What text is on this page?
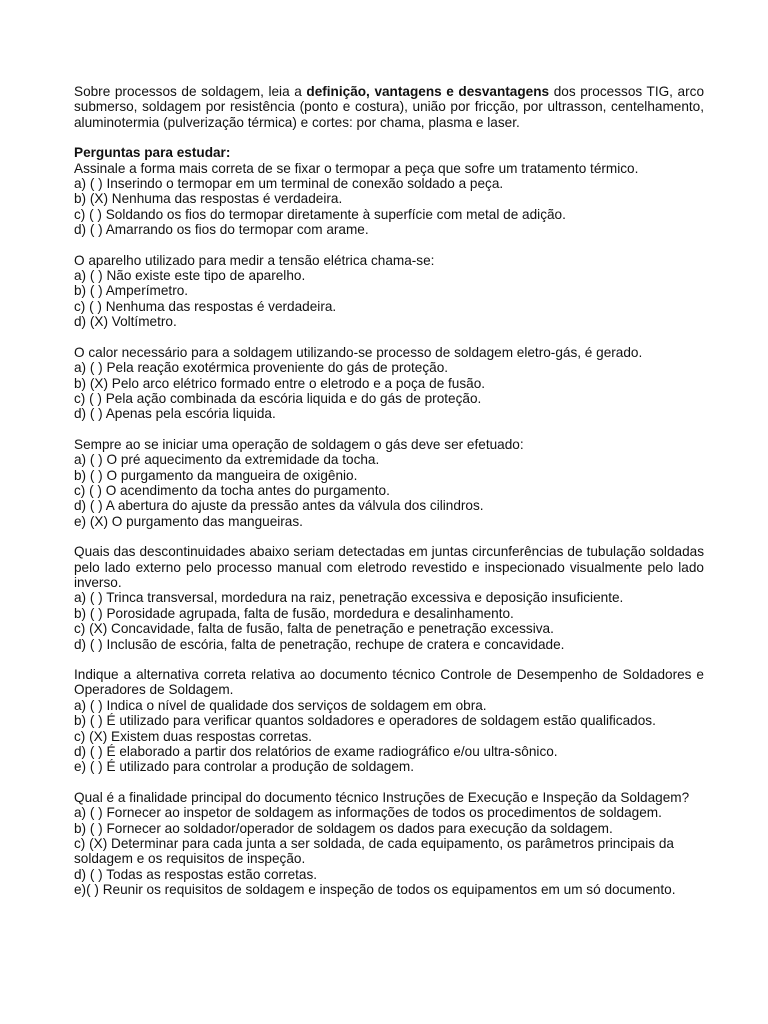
Sobre processos de soldagem, leia a definição, vantagens e desvantagens dos processos TIG, arco submerso, soldagem por resistência (ponto e costura), união por fricção, por ultrasson, centelhamento, aluminotermia (pulverização térmica) e cortes: por chama, plasma e laser.

Perguntas para estudar:
Assinale a forma mais correta de se fixar o termopar a peça que sofre um tratamento térmico.
a) ( ) Inserindo o termopar em um terminal de conexão soldado a peça.
b) (X) Nenhuma das respostas é verdadeira.
c) ( ) Soldando os fios do termopar diretamente à superfície com metal de adição.
d) ( ) Amarrando os fios do termopar com arame.
O aparelho utilizado para medir a tensão elétrica chama-se:
a) ( ) Não existe este tipo de aparelho.
b) ( ) Amperímetro.
c) ( ) Nenhuma das respostas é verdadeira.
d) (X) Voltímetro.
O calor necessário para a soldagem utilizando-se processo de soldagem eletro-gás, é gerado.
a) ( ) Pela reação exotérmica proveniente do gás de proteção.
b) (X) Pelo arco elétrico formado entre o eletrodo e a poça de fusão.
c) ( ) Pela ação combinada da escória liquida e do gás de proteção.
d) ( ) Apenas pela escória liquida.
Sempre ao se iniciar uma operação de soldagem o gás deve ser efetuado:
a) ( ) O pré aquecimento da extremidade da tocha.
b) ( ) O purgamento da mangueira de oxigênio.
c) ( ) O acendimento da tocha antes do purgamento.
d) ( ) A abertura do ajuste da pressão antes da válvula dos cilindros.
e) (X) O purgamento das mangueiras.
Quais das descontinuidades abaixo seriam detectadas em juntas circunferências de tubulação soldadas pelo lado externo pelo processo manual com eletrodo revestido e inspecionado visualmente pelo lado inverso.
a) ( ) Trinca transversal, mordedura na raiz, penetração excessiva e deposição insuficiente.
b) ( ) Porosidade agrupada, falta de fusão, mordedura e desalinhamento.
c) (X) Concavidade, falta de fusão, falta de penetração e penetração excessiva.
d) ( ) Inclusão de escória, falta de penetração, rechupe de cratera e concavidade.
Indique a alternativa correta relativa ao documento técnico Controle de Desempenho de Soldadores e Operadores de Soldagem.
a) ( ) Indica o nível de qualidade dos serviços de soldagem em obra.
b) ( ) É utilizado para verificar quantos soldadores e operadores de soldagem estão qualificados.
c) (X) Existem duas respostas corretas.
d) ( ) É elaborado a partir dos relatórios de exame radiográfico e/ou ultra-sônico.
e) ( ) É utilizado para controlar a produção de soldagem.
Qual é a finalidade principal do documento técnico Instruções de Execução e Inspeção da Soldagem?
a) ( ) Fornecer ao inspetor de soldagem as informações de todos os procedimentos de soldagem.
b) ( ) Fornecer ao soldador/operador de soldagem os dados para execução da soldagem.
c) (X) Determinar para cada junta a ser soldada, de cada equipamento, os parâmetros principais da soldagem e os requisitos de inspeção.
d) ( ) Todas as respostas estão corretas.
e)( ) Reunir os requisitos de soldagem e inspeção de todos os equipamentos em um só documento.
